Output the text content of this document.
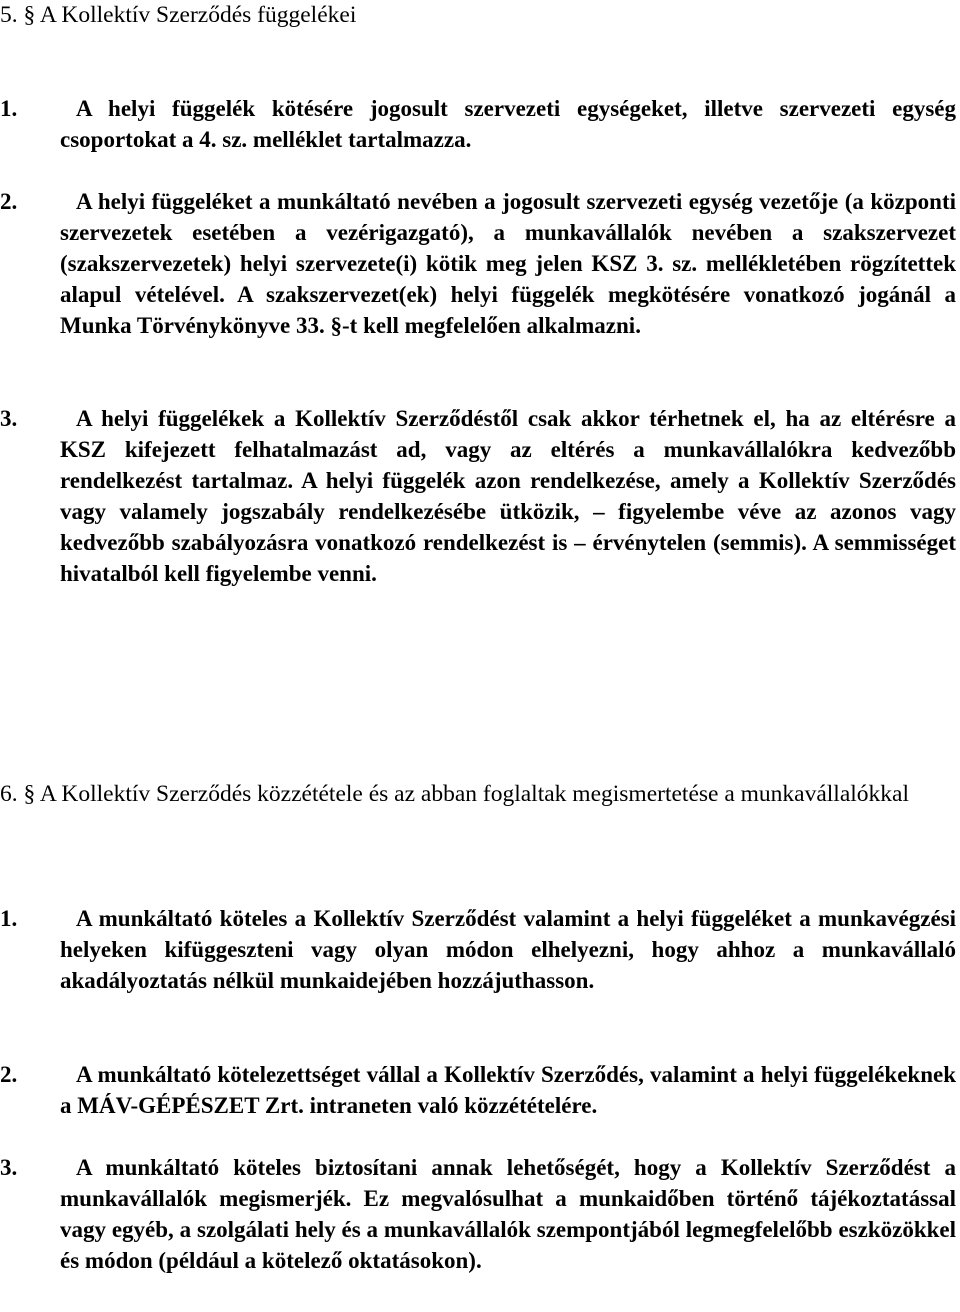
5. § A Kollektív Szerződés függelékei
1.	A helyi függelék kötésére jogosult szervezeti egységeket, illetve szervezeti egység csoportokat a 4. sz. melléklet tartalmazza.
2.	A helyi függeléket a munkáltató nevében a jogosult szervezeti egység vezetője (a központi szervezetek esetében a vezérigazgató), a munkavállalók nevében a szakszervezet (szakszervezetek) helyi szervezete(i) kötik meg jelen KSZ 3. sz. mellékletében rögzítettek alapul vételével. A szakszervezet(ek) helyi függelék megkötésére vonatkozó jogánál a Munka Törvénykönyve 33. §-t kell megfelelően alkalmazni.
3.	A helyi függelékek a Kollektív Szerződéstől csak akkor térhetnek el, ha az eltérésre a KSZ kifejezett felhatalmazást ad, vagy az eltérés a munkavállalókra kedvezőbb rendelkezést tartalmaz. A helyi függelék azon rendelkezése, amely a Kollektív Szerződés vagy valamely jogszabály rendelkezésébe ütközik, – figyelembe véve az azonos vagy kedvezőbb szabályozásra vonatkozó rendelkezést is – érvénytelen (semmis). A semmisséget hivatalból kell figyelembe venni.
6. § A Kollektív Szerződés közzététele és az abban foglaltak megismertetése a munkavállalókkal
1.	A munkáltató köteles a Kollektív Szerződést valamint a helyi függeléket a munkavégzési helyeken kifüggeszteni vagy olyan módon elhelyezni, hogy ahhoz a munkavállaló akadályoztatás nélkül munkaidejében hozzájuthasson.
2.	A munkáltató kötelezettséget vállal a Kollektív Szerződés, valamint a helyi függelékeknek a MÁV-GÉPÉSZET Zrt. intraneten való közzétételére.
3.	A munkáltató köteles biztosítani annak lehetőségét, hogy a Kollektív Szerződést a munkavállalók megismerjék. Ez megvalósulhat a munkaidőben történő tájékoztatással vagy egyéb, a szolgálati hely és a munkavállalók szempontjából legmegfelelőbb eszközökkel és módon (például a kötelező oktatásokon).
